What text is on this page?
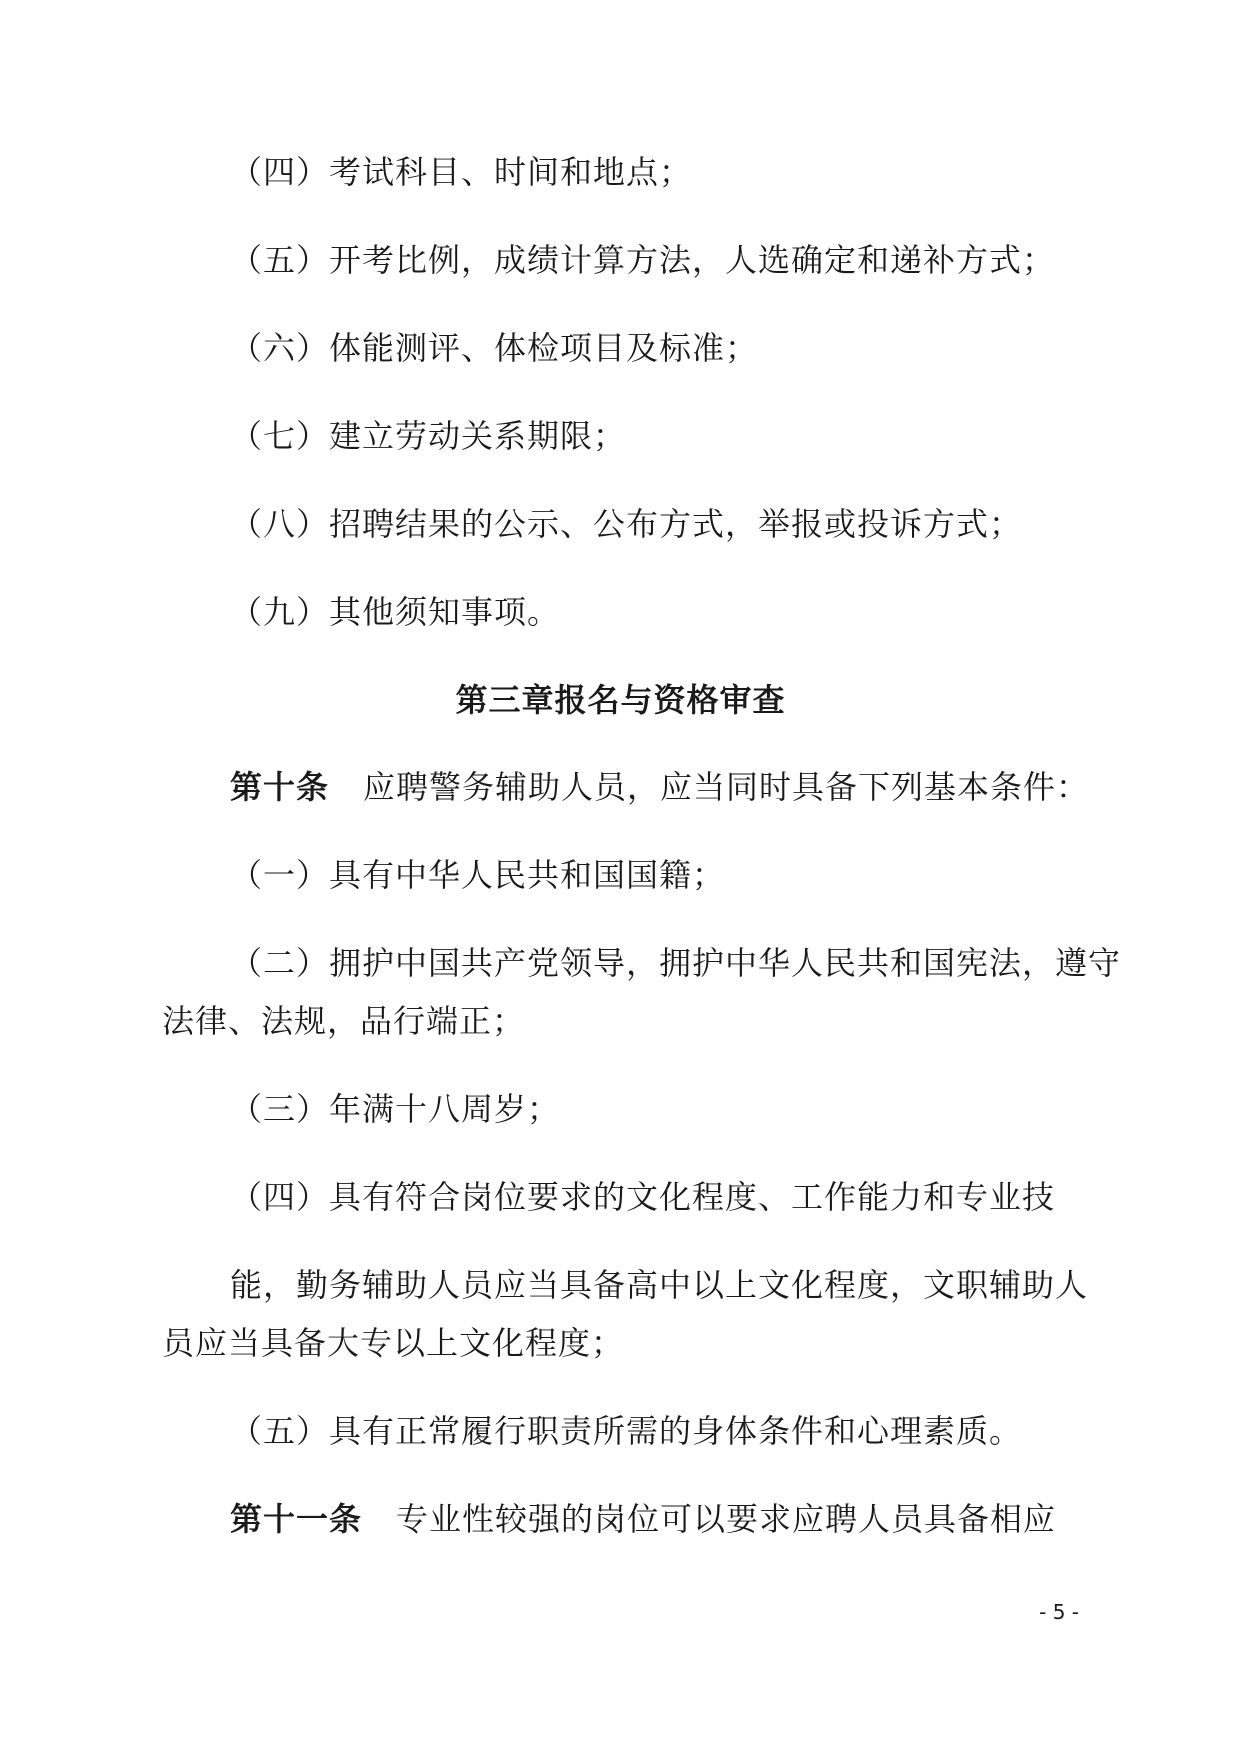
（四）考试科目、时间和地点；
（五）开考比例，成绩计算方法，人选确定和递补方式；
（六）体能测评、体检项目及标准；
（七）建立劳动关系期限；
（八）招聘结果的公示、公布方式，举报或投诉方式；
（九）其他须知事项。
第三章报名与资格审查
第十条 应聘警务辅助人员，应当同时具备下列基本条件：
（一）具有中华人民共和国国籍；
（二）拥护中国共产党领导，拥护中华人民共和国宪法，遵守
法律、法规，品行端正；
（三）年满十八周岁；
（四）具有符合岗位要求的文化程度、工作能力和专业技
能，勤务辅助人员应当具备高中以上文化程度，文职辅助人
员应当具备大专以上文化程度；
（五）具有正常履行职责所需的身体条件和心理素质。
第十一条 专业性较强的岗位可以要求应聘人员具备相应
- 5 -
